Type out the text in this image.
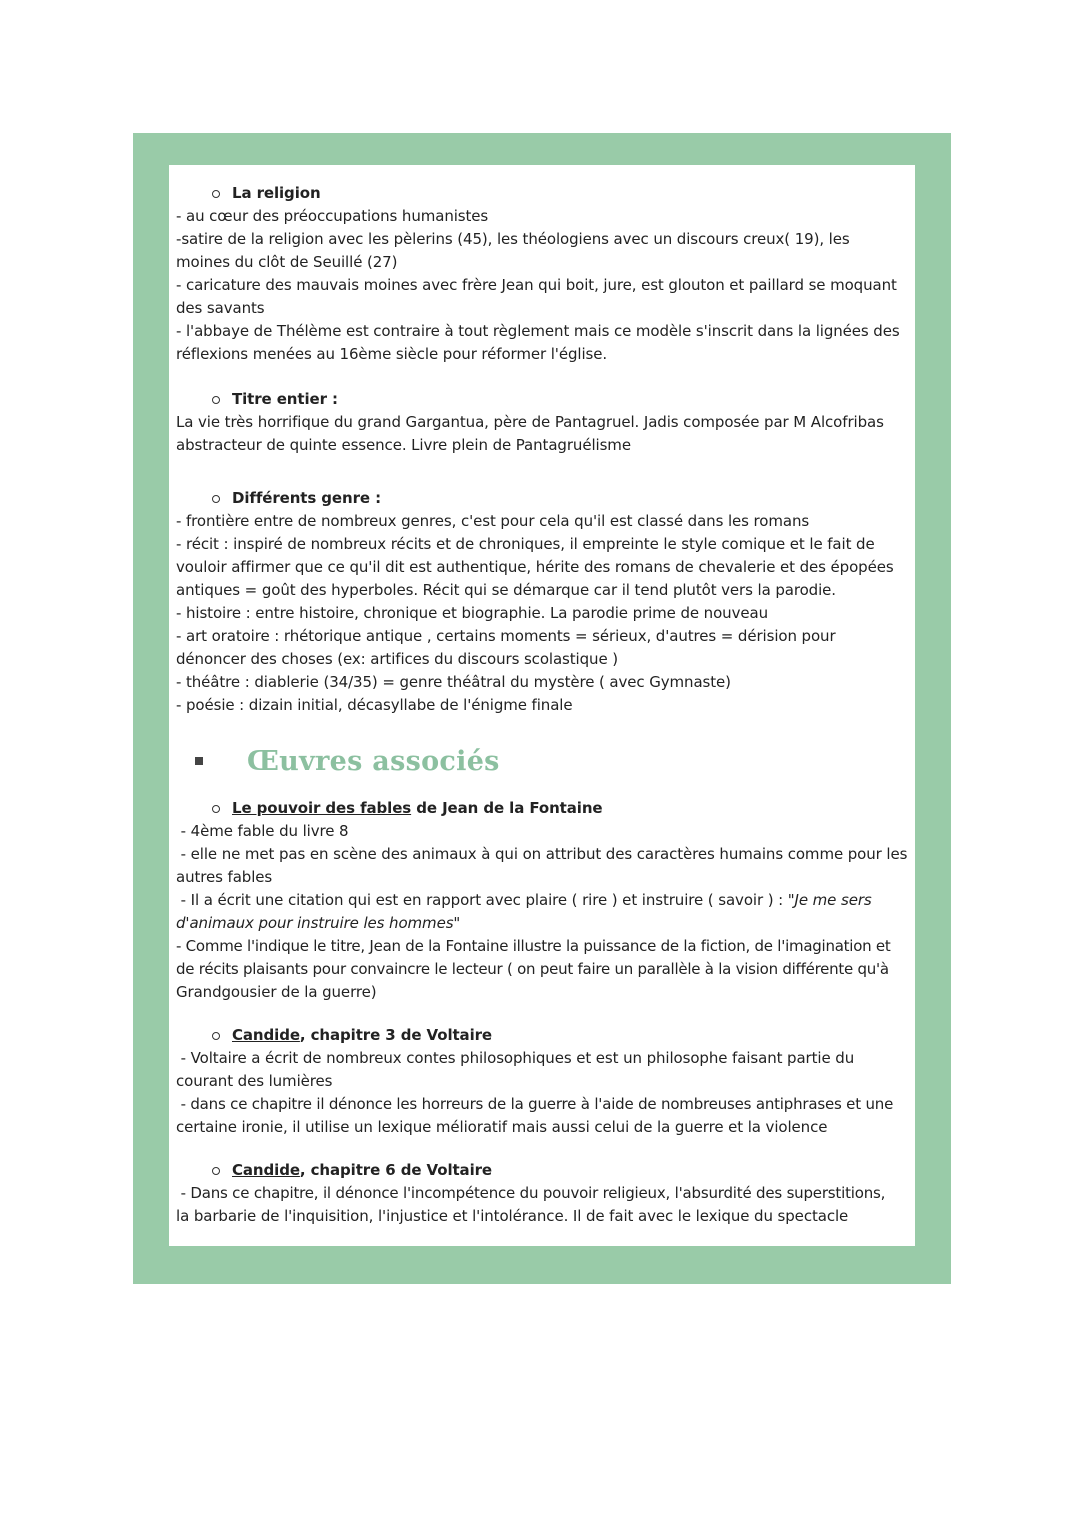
La religion
- au cœur des préoccupations humanistes
-satire de la religion avec les pèlerins (45), les théologiens avec un discours creux( 19), les
moines du clôt de Seuillé (27)
- caricature des mauvais moines avec frère Jean qui boit, jure, est glouton et paillard se moquant
des savants
- l'abbaye de Thélème est contraire à tout règlement mais ce modèle s'inscrit dans la lignées des
réflexions menées au 16ème siècle pour réformer l'église.
Titre entier :
La vie très horrifique du grand Gargantua, père de Pantagruel. Jadis composée par M Alcofribas
abstracteur de quinte essence. Livre plein de Pantagruélisme
Différents genre :
- frontière entre de nombreux genres, c'est pour cela qu'il est classé dans les romans
- récit : inspiré de nombreux récits et de chroniques, il empreinte le style comique et le fait de
vouloir affirmer que ce qu'il dit est authentique, hérite des romans de chevalerie et des épopées
antiques = goût des hyperboles. Récit qui se démarque car il tend plutôt vers la parodie.
- histoire : entre histoire, chronique et biographie. La parodie prime de nouveau
- art oratoire : rhétorique antique , certains moments = sérieux, d'autres = dérision pour
dénoncer des choses (ex: artifices du discours scolastique )
- théâtre : diablerie (34/35) = genre théâtral du mystère ( avec Gymnaste)
- poésie : dizain initial, décasyllabe de l'énigme finale
Œuvres associés
Le pouvoir des fables de Jean de la Fontaine
- 4ème fable du livre 8
- elle ne met pas en scène des animaux à qui on attribut des caractères humains comme pour les
autres fables
- Il a écrit une citation qui est en rapport avec plaire ( rire ) et instruire ( savoir ) : "Je me sers
d'animaux pour instruire les hommes"
- Comme l'indique le titre, Jean de la Fontaine illustre la puissance de la fiction, de l'imagination et
de récits plaisants pour convaincre le lecteur ( on peut faire un parallèle à la vision différente qu'à
Grandgousier de la guerre)
Candide , chapitre 3 de Voltaire
- Voltaire a écrit de nombreux contes philosophiques et est un philosophe faisant partie du
courant des lumières
- dans ce chapitre il dénonce les horreurs de la guerre à l'aide de nombreuses antiphrases et une
certaine ironie, il utilise un lexique mélioratif mais aussi celui de la guerre et la violence
Candide , chapitre 6 de Voltaire
- Dans ce chapitre, il dénonce l'incompétence du pouvoir religieux, l'absurdité des superstitions,
la barbarie de l'inquisition, l'injustice et l'intolérance. Il de fait avec le lexique du spectacle
